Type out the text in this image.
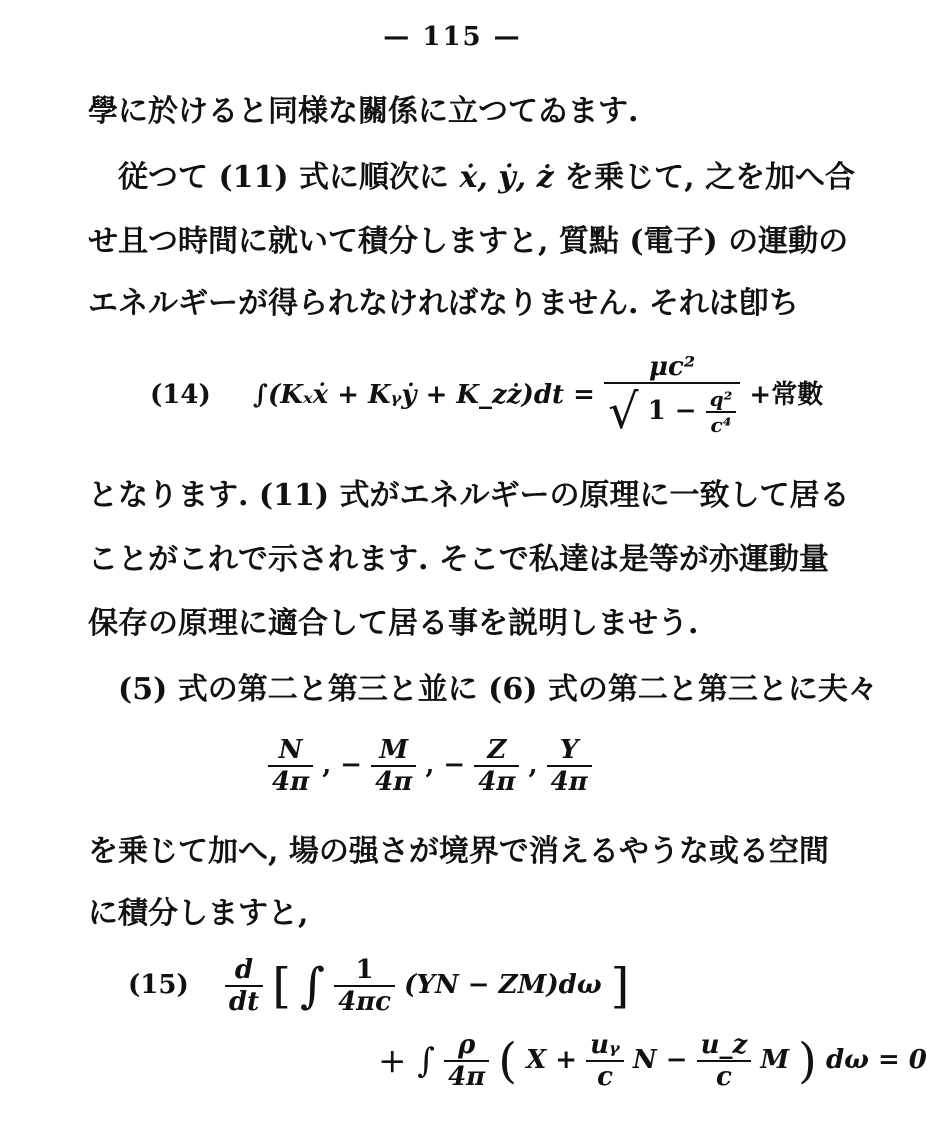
— 115 —
學に於けると同様な關係に立つてゐます.
従つて (11) 式に順次に ẋ, ẏ, ż を乗じて, 之を加へ合
せ且つ時間に就いて積分しますと, 質點 (電子) の運動の
エネルギーが得られなければなりません. それは卽ち
(14) ∫(Kₓẋ + Kᵧẏ + K_zż)dt = $\frac{\text{μc²}}{√ 1 - \frac{\text{q²}}{\text{c⁴}}}$ +常數
となります. (11) 式がエネルギーの原理に一致して居る
ことがこれで示されます. そこで私達は是等が亦運動量
保存の原理に適合して居る事を説明しませう.
(5) 式の第二と第三と並に (6) 式の第二と第三とに夫々
$\frac{N}{4\pi}$ , − $\frac{M}{4\pi}$ , − $\frac{Z}{4\pi}$ , $\frac{Y}{4\pi}$
を乗じて加へ, 場の强さが境界で消えるやうな或る空間
に積分しますと,
$(15) \frac{d}{dt}$ [ ∫ $\frac{1}{4\pi c} (YN - ZM)d\omega$ ]
+ ∫ $\frac{\rho}{4\pi}$ ( $X + \frac{\text{uᵧ}}{c}$ $N - \frac{u\_z}{c}$ M ) dω = 0
